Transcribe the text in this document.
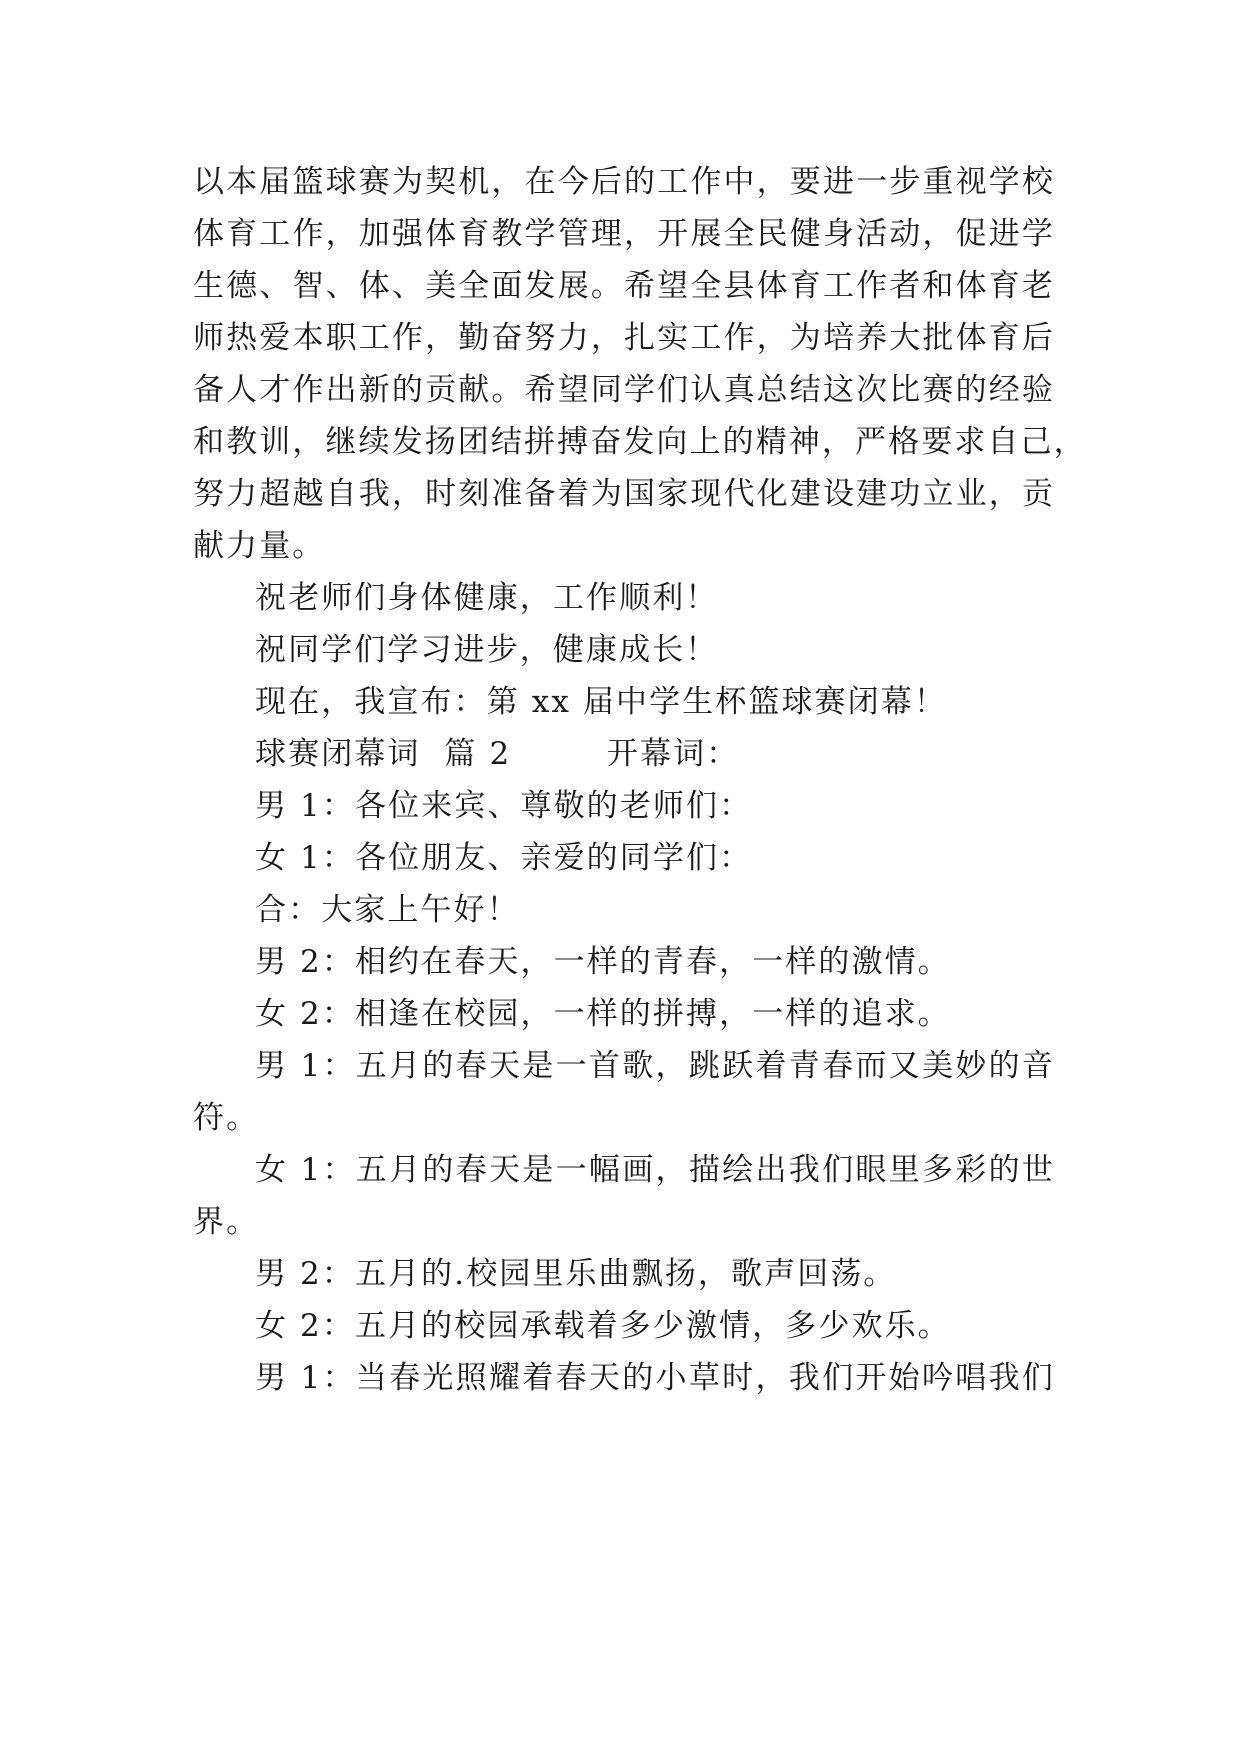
以本届篮球赛为契机，在今后的工作中，要进一步重视学校
体育工作，加强体育教学管理，开展全民健身活动，促进学
生德、智、体、美全面发展。希望全县体育工作者和体育老
师热爱本职工作，勤奋努力，扎实工作，为培养大批体育后
备人才作出新的贡献。希望同学们认真总结这次比赛的经验
和教训，继续发扬团结拼搏奋发向上的精神，严格要求自己，
努力超越自我，时刻准备着为国家现代化建设建功立业，贡
献力量。
祝老师们身体健康，工作顺利！
祝同学们学习进步，健康成长！
现在，我宣布：第 xx 届中学生杯篮球赛闭幕！
球赛闭幕词  篇 2        开幕词：
男 1：各位来宾、尊敬的老师们：
女 1：各位朋友、亲爱的同学们：
合：大家上午好！
男 2：相约在春天，一样的青春，一样的激情。
女 2：相逢在校园，一样的拼搏，一样的追求。
男 1：五月的春天是一首歌，跳跃着青春而又美妙的音
符。
女 1：五月的春天是一幅画，描绘出我们眼里多彩的世
界。
男 2：五月的.校园里乐曲飘扬，歌声回荡。
女 2：五月的校园承载着多少激情，多少欢乐。
男 1：当春光照耀着春天的小草时，我们开始吟唱我们
